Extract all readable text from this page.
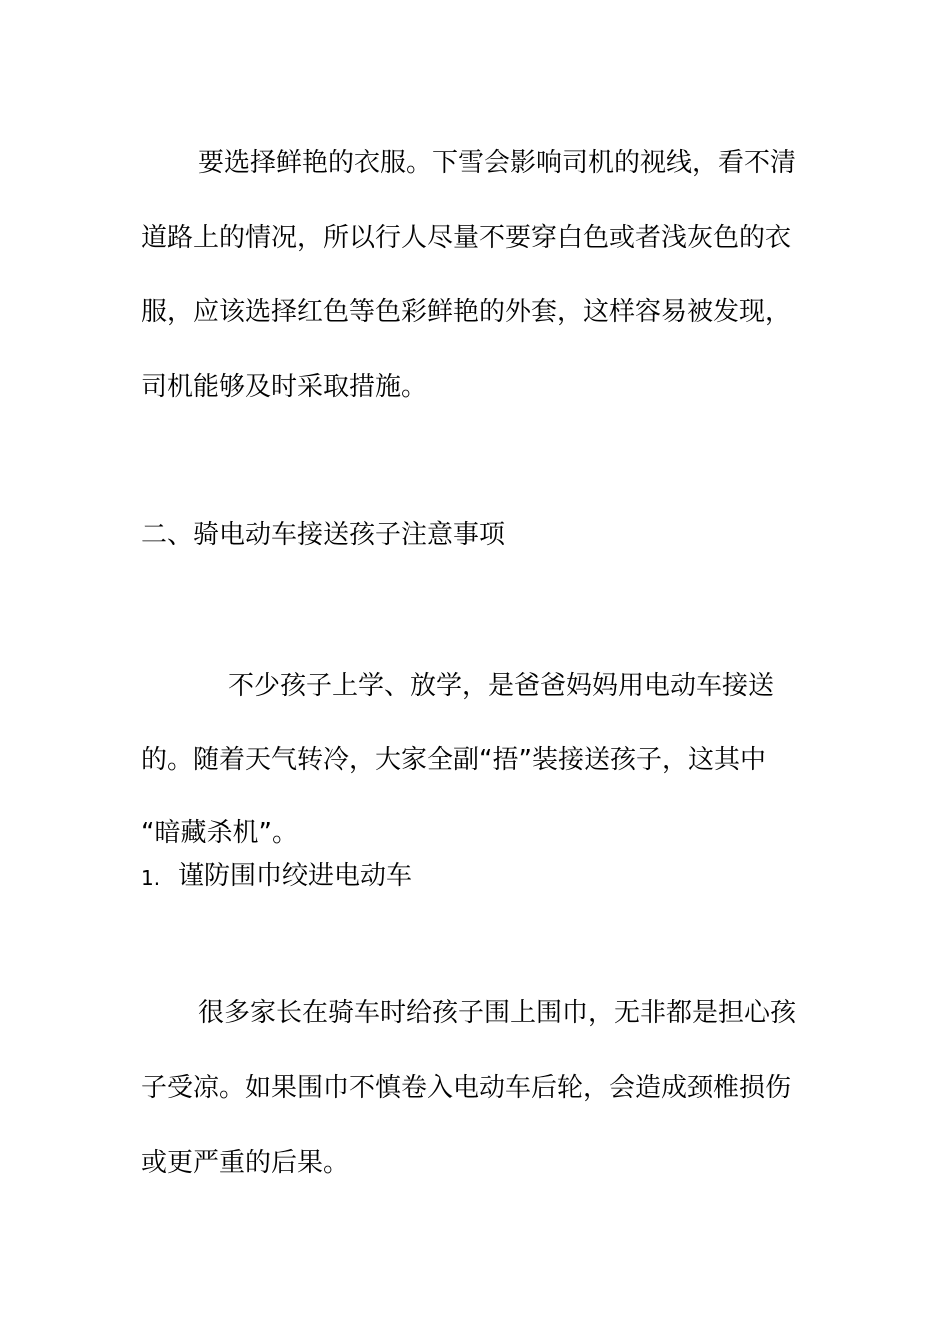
要选择鲜艳的衣服。下雪会影响司机的视线，看不清

道路上的情况，所以行人尽量不要穿白色或者浅灰色的衣

服，应该选择红色等色彩鲜艳的外套，这样容易被发现，

司机能够及时采取措施。

二、骑电动车接送孩子注意事项

不少孩子上学、放学，是爸爸妈妈用电动车接送

的。随着天气转冷，大家全副“捂”装接送孩子，这其中

“暗藏杀机”。

1. 谨防围巾绞进电动车

很多家长在骑车时给孩子围上围巾，无非都是担心孩

子受凉。如果围巾不慎卷入电动车后轮，会造成颈椎损伤

或更严重的后果。
